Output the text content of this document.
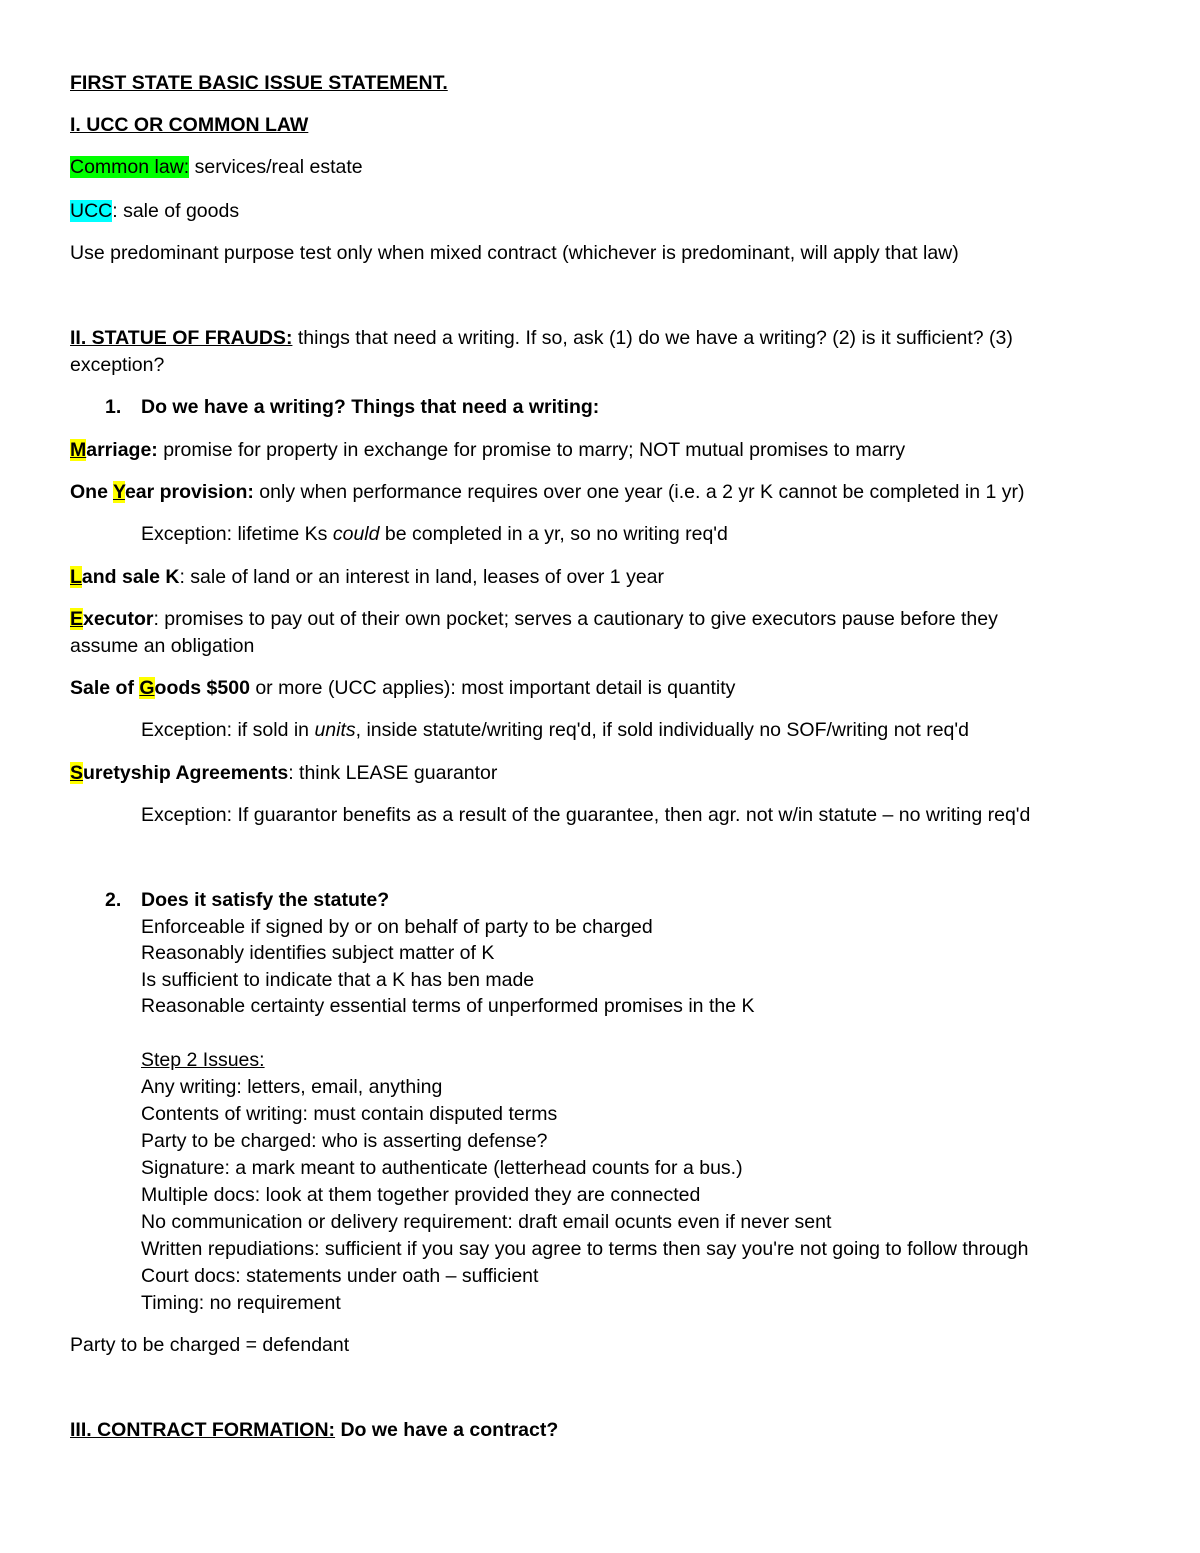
FIRST STATE BASIC ISSUE STATEMENT.
I. UCC OR COMMON LAW
Common law: services/real estate
UCC: sale of goods
Use predominant purpose test only when mixed contract (whichever is predominant, will apply that law)
II. STATUE OF FRAUDS: things that need a writing. If so, ask (1) do we have a writing? (2) is it sufficient? (3)
exception?
1. Do we have a writing? Things that need a writing:
Marriage: promise for property in exchange for promise to marry; NOT mutual promises to marry
One Year provision: only when performance requires over one year (i.e. a 2 yr K cannot be completed in 1 yr)
Exception: lifetime Ks could be completed in a yr, so no writing req'd
Land sale K: sale of land or an interest in land, leases of over 1 year
Executor: promises to pay out of their own pocket; serves a cautionary to give executors pause before they
assume an obligation
Sale of Goods $500 or more (UCC applies): most important detail is quantity
Exception: if sold in units, inside statute/writing req'd, if sold individually no SOF/writing not req'd
Suretyship Agreements: think LEASE guarantor
Exception: If guarantor benefits as a result of the guarantee, then agr. not w/in statute – no writing req'd
2. Does it satisfy the statute?
Enforceable if signed by or on behalf of party to be charged
Reasonably identifies subject matter of K
Is sufficient to indicate that a K has ben made
Reasonable certainty essential terms of unperformed promises in the K
Step 2 Issues:
Any writing: letters, email, anything
Contents of writing: must contain disputed terms
Party to be charged: who is asserting defense?
Signature: a mark meant to authenticate (letterhead counts for a bus.)
Multiple docs: look at them together provided they are connected
No communication or delivery requirement: draft email ocunts even if never sent
Written repudiations: sufficient if you say you agree to terms then say you're not going to follow through
Court docs: statements under oath – sufficient
Timing: no requirement
Party to be charged = defendant
III. CONTRACT FORMATION: Do we have a contract?
